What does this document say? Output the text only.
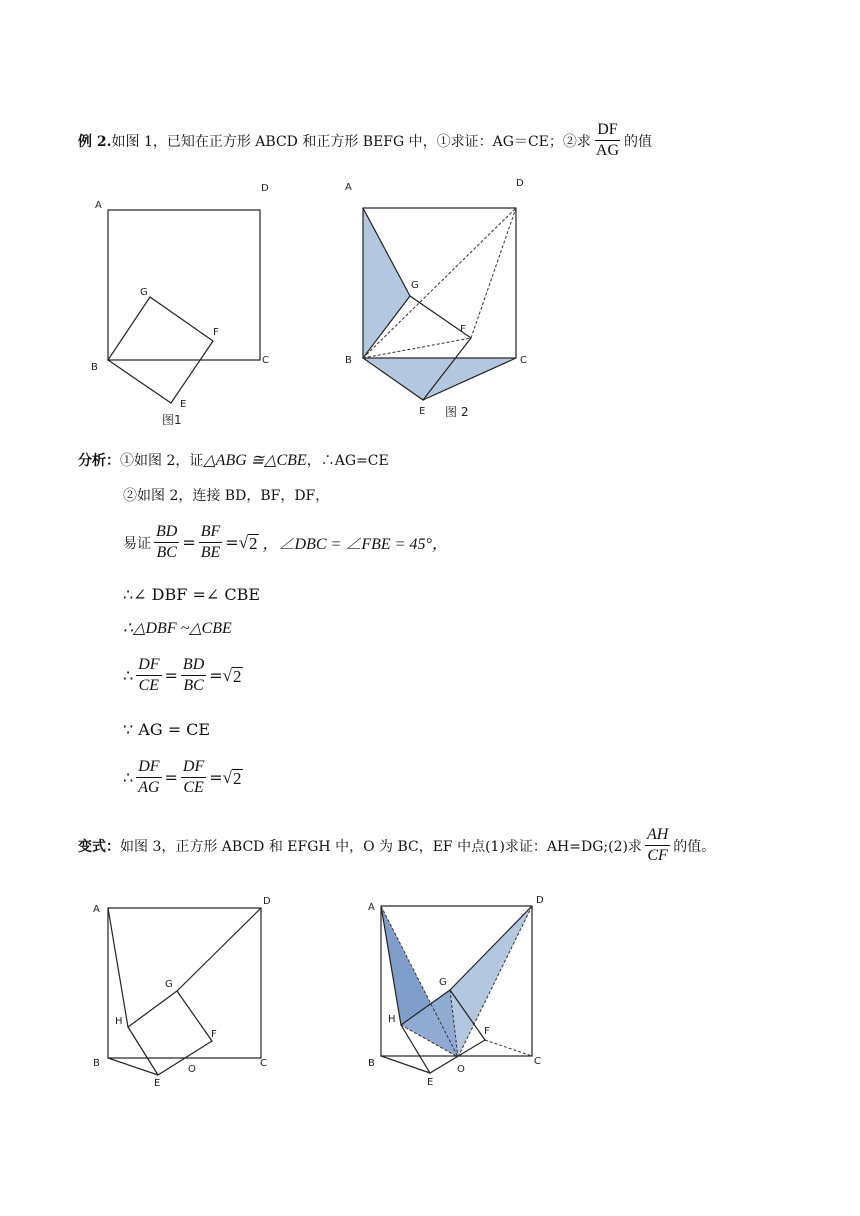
例 2. 如图 1，已知在正方形 ABCD 和正方形 BEFG 中，①求证：AG＝CE；②求 $\frac{DF}{AG}$ 的值
A
D
B
C
G
F
E
图1
A	D
B	C
G
F
E 图 2
分析： ①如图 2，证 △ABG ≅△CBE ，∴AG=CE
②如图 2，连接 BD，BF，DF，
易证 $\frac{BD}{BC} = \frac{BF}{BE}$ = √ 2 ，∠DBC = ∠FBE = 45°，
∴∠ DBF =∠ CBE
∴△DBF ~△CBE
∴ $\frac{DF}{CE} = \frac{BD}{BC}$ = √ 2
∵ AG = CE
∴ $\frac{DF}{AG} = \frac{DF}{CE}$ = √ 2
变式： 如图 3，正方形 ABCD 和 EFGH 中，O 为 BC，EF 中点(1)求证：AH=DG;(2)求 $\frac{AH}{CF}$ 的值。
A
D
B	C
G
H
F
E
O
A
D
B	C
G
H
F
E
O
